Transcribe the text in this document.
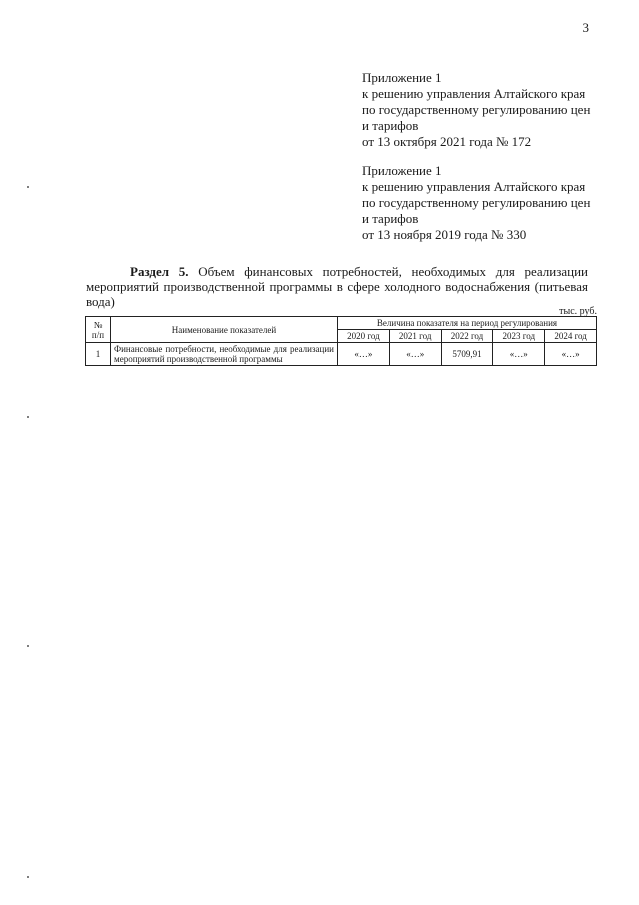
3
Приложение 1
к решению управления Алтайского края
по государственному регулированию цен
и тарифов
от 13 октября 2021 года № 172
Приложение 1
к решению управления Алтайского края
по государственному регулированию цен
и тарифов
от 13 ноября 2019 года № 330
Раздел 5. Объем финансовых потребностей, необходимых для реализации мероприятий производственной программы в сфере холодного водоснабжения (питьевая вода)
тыс. руб.
№ п/п	Наименование показателей	Величина показателя на период регулирования				
		2020 год	2021 год	2022 год	2023 год	2024 год
1	Финансовые потребности, необходимые для реализации мероприятий производственной программы	«…»	«…»	5709,91	«…»	«…»
